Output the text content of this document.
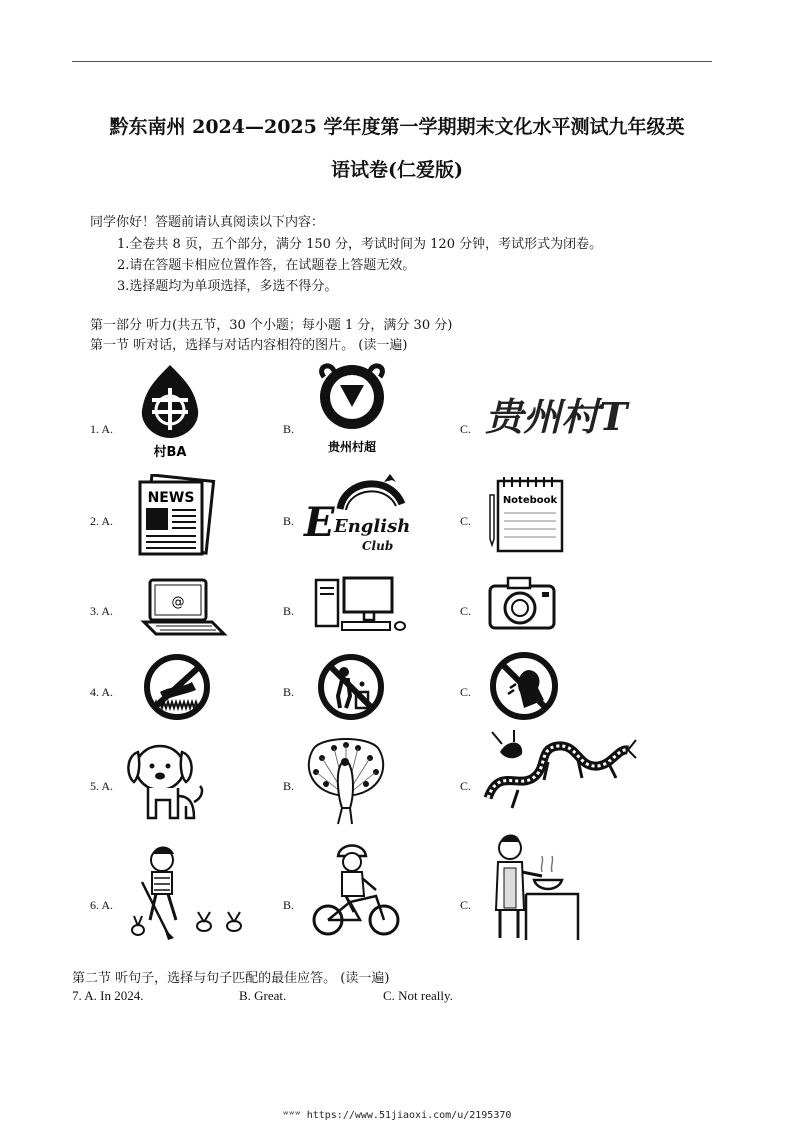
黔东南州 2024—2025 学年度第一学期期末文化水平测试九年级英
语试卷(仁爱版)
同学你好！答题前请认真阅读以下内容：
1.全卷共 8 页，五个部分，满分 150 分，考试时间为 120 分钟，考试形式为闭卷。
2.请在答题卡相应位置作答，在试题卷上答题无效。
3.选择题均为单项选择，多选不得分。
第一部分 听力(共五节，30 个小题；每小题 1 分，满分 30 分)
第一节 听对话，选择与对话内容相符的图片。 (读一遍)
1. A.	B.	C.
村BA	贵州村超
贵州村T
2. A.	B.	C.
NEWS
E English
Club
Notebook
3. A.	B.	C.
@
4. A.	B.	C.
5. A.	B.	C.
6. A.	B.	C.
第二节 听句子，选择与句子匹配的最佳应答。 (读一遍)
7. A. In 2024.	B. Great.	C. Not really.
ʷʷʷ https://www.51jiaoxi.com/u/2195370
